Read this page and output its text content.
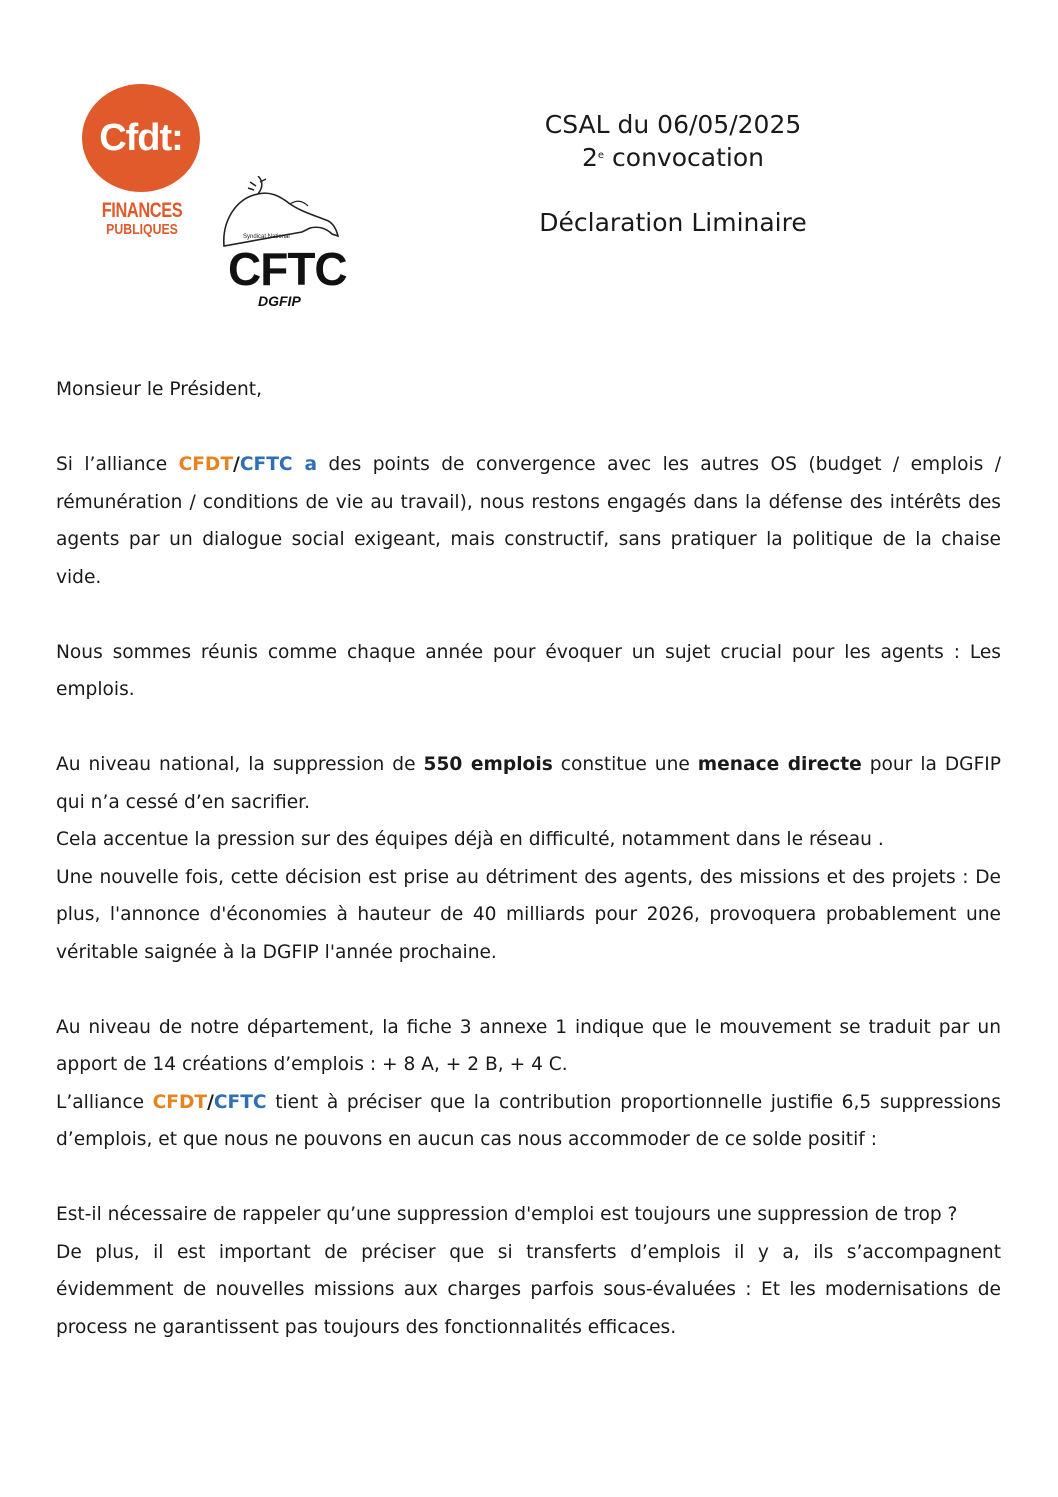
Cfdt:
FINANCES
PUBLIQUES	Syndicat National
CFTC
DGFIP
CSAL du 06/05/2025
2e convocation
Déclaration Liminaire

Monsieur le Président,

Si l’alliance CFDT/CFTC a des points de convergence avec les autres OS (budget / emplois / rémunération / conditions de vie au travail), nous restons engagés dans la défense des intérêts des agents par un dialogue social exigeant, mais constructif, sans pratiquer la politique de la chaise vide.

Nous sommes réunis comme chaque année pour évoquer un sujet crucial pour les agents : Les emplois.

Au niveau national, la suppression de 550 emplois constitue une menace directe pour la DGFIP qui n’a cessé d’en sacrifier.

Cela accentue la pression sur des équipes déjà en difficulté, notamment dans le réseau .

Une nouvelle fois, cette décision est prise au détriment des agents, des missions et des projets : De plus, l'annonce d'économies à hauteur de 40 milliards pour 2026, provoquera probablement une véritable saignée à la DGFIP l'année prochaine.

Au niveau de notre département, la fiche 3 annexe 1 indique que le mouvement se traduit par un apport de 14 créations d’emplois : + 8 A, + 2 B, + 4 C.

L’alliance CFDT/CFTC tient à préciser que la contribution proportionnelle justifie 6,5 suppressions d’emplois, et que nous ne pouvons en aucun cas nous accommoder de ce solde positif :

Est-il nécessaire de rappeler qu’une suppression d'emploi est toujours une suppression de trop ?

De plus, il est important de préciser que si transferts d’emplois il y a, ils s’accompagnent évidemment de nouvelles missions aux charges parfois sous-évaluées : Et les modernisations de process ne garantissent pas toujours des fonctionnalités efficaces.
